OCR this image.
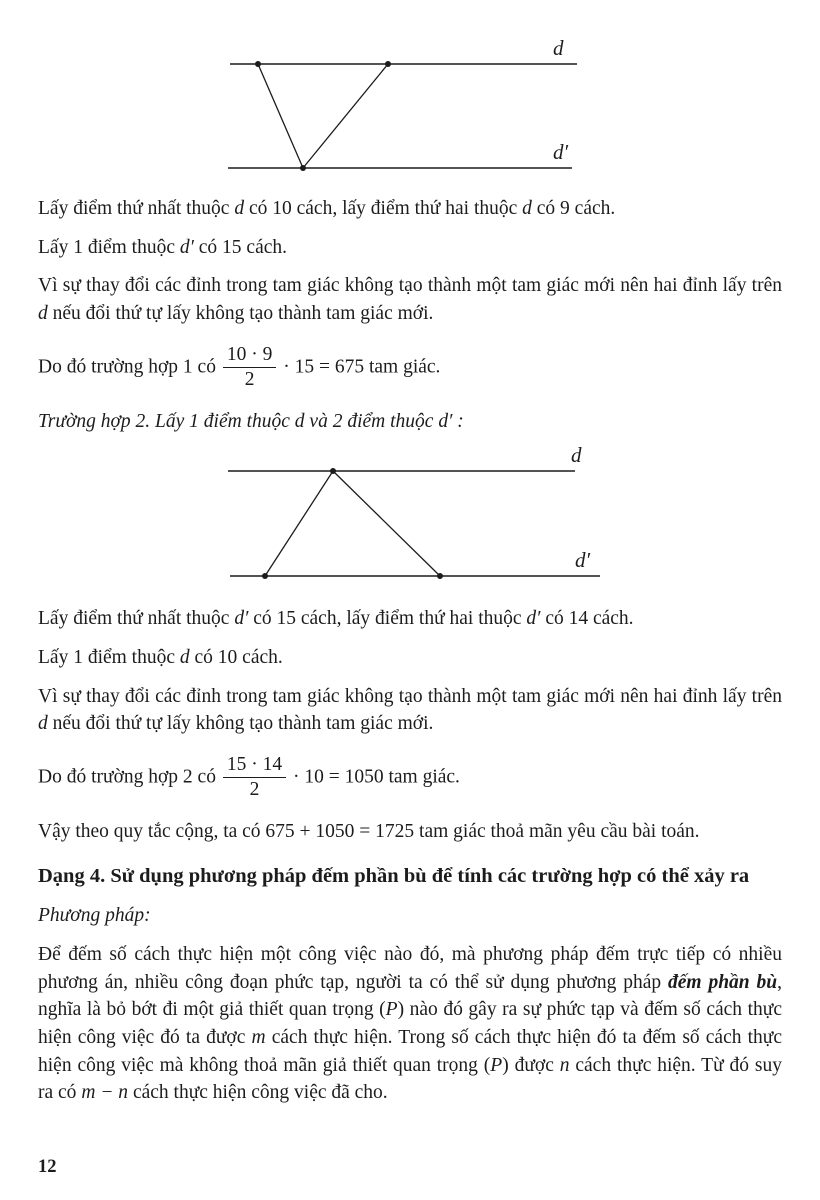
d
d′
Lấy điểm thứ nhất thuộc d có 10 cách, lấy điểm thứ hai thuộc d có 9 cách.
Lấy 1 điểm thuộc d′ có 15 cách.
Vì sự thay đổi các đỉnh trong tam giác không tạo thành một tam giác mới nên hai đỉnh lấy trên d nếu đổi thứ tự lấy không tạo thành tam giác mới.
Do đó trường hợp 1 có $\frac{10 \cdot 9}{2} \cdot 15 = 675$ tam giác.
Trường hợp 2. Lấy 1 điểm thuộc d và 2 điểm thuộc d′ :
d
d′
Lấy điểm thứ nhất thuộc d′ có 15 cách, lấy điểm thứ hai thuộc d′ có 14 cách.
Lấy 1 điểm thuộc d có 10 cách.
Vì sự thay đổi các đỉnh trong tam giác không tạo thành một tam giác mới nên hai đỉnh lấy trên d nếu đổi thứ tự lấy không tạo thành tam giác mới.
Do đó trường hợp 2 có $\frac{15 \cdot 14}{2} \cdot 10 = 1050$ tam giác.
Vậy theo quy tắc cộng, ta có 675 + 1050 = 1725 tam giác thoả mãn yêu cầu bài toán.
Dạng 4. Sử dụng phương pháp đếm phần bù để tính các trường hợp có thể xảy ra
Phương pháp:
Để đếm số cách thực hiện một công việc nào đó, mà phương pháp đếm trực tiếp có nhiều phương án, nhiều công đoạn phức tạp, người ta có thể sử dụng phương pháp đếm phần bù, nghĩa là bỏ bớt đi một giả thiết quan trọng (P) nào đó gây ra sự phức tạp và đếm số cách thực hiện công việc đó ta được m cách thực hiện. Trong số cách thực hiện đó ta đếm số cách thực hiện công việc mà không thoả mãn giả thiết quan trọng (P) được n cách thực hiện. Từ đó suy ra có m − n cách thực hiện công việc đã cho.
12
